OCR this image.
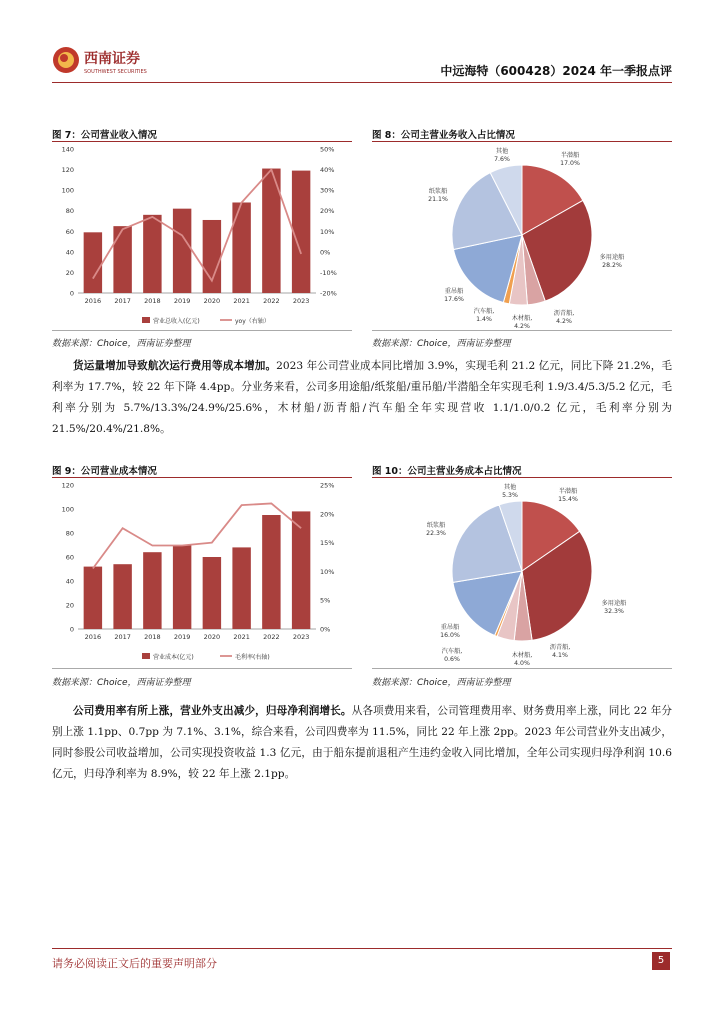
西南证券
SOUTHWEST SECURITIES	中远海特（600428）2024 年一季报点评
图 7：公司营业收入情况
0
20
40
60
80
100
120
140
-20%
-10%
0%
10%
20%
30%
40%
50%
2016 2017 2018 2019 2020 2021 2022 2023
营业总收入(亿元)	yoy（右轴）
数据来源：Choice，西南证券整理
图 8：公司主营业务收入占比情况
半潜船
17.0%
多用途船
28.2%
沥青船,
4.2%
木材船,
4.2%
汽车船,
1.4%
重吊船
17.6%
纸浆船
21.1%
其他
7.6%
数据来源：Choice，西南证券整理
货运量增加导致航次运行费用等成本增加。2023 年公司营业成本同比增加 3.9%，实现毛利 21.2 亿元，同比下降 21.2%，毛利率为 17.7%，较 22 年下降 4.4pp。分业务来看，公司多用途船/纸浆船/重吊船/半潜船全年实现毛利 1.9/3.4/5.3/5.2 亿元，毛利率分别为 5.7%/13.3%/24.9%/25.6%，木材船/沥青船/汽车船全年实现营收 1.1/1.0/0.2 亿元，毛利率分别为 21.5%/20.4%/21.8%。
图 9：公司营业成本情况
0
20
40
60
80
100
120
0%
5%
10%
15%
20%
25%
2016 2017 2018 2019 2020 2021 2022 2023
营业成本(亿元)	毛利率(右轴)
数据来源：Choice，西南证券整理
图 10：公司主营业务成本占比情况
半潜船
15.4%
多用途船
32.3%
沥青船,
4.1%
木材船,
4.0%
汽车船,
0.6%
重吊船
16.0%
纸浆船
22.3%
其他
5.3%
数据来源：Choice，西南证券整理
公司费用率有所上涨，营业外支出减少，归母净利润增长。从各项费用来看，公司管理费用率、财务费用率上涨，同比 22 年分别上涨 1.1pp、0.7pp 为 7.1%、3.1%，综合来看，公司四费率为 11.5%，同比 22 年上涨 2pp。2023 年公司营业外支出减少，同时参股公司收益增加，公司实现投资收益 1.3 亿元，由于船东提前退租产生违约金收入同比增加，全年公司实现归母净利润 10.6 亿元，归母净利率为 8.9%，较 22 年上涨 2.1pp。
请务必阅读正文后的重要声明部分	5
